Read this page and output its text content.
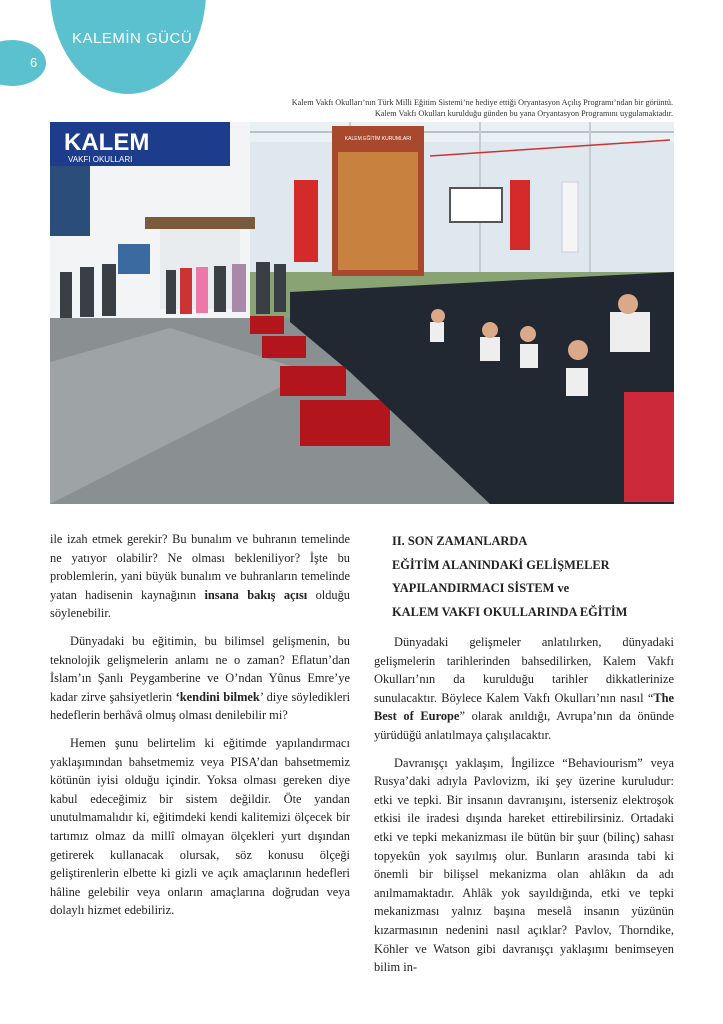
KALEMİN GÜCÜ
6
Kalem Vakfı Okulları’nın Türk Milli Eğitim Sistemi’ne hediye ettiği Oryantasyon Açılış Programı’ndan bir görüntü.
Kalem Vakfı Okulları kurulduğu günden bu yana Oryantasyon Programını uygulamaktadır.
KALEM
VAKFI OKULLARI
KALEM EĞİTİM KURUMLARI

ile izah etmek gerekir? Bu bunalım ve buhranın temelinde ne yatıyor olabilir? Ne olması bekleniliyor? İşte bu problemlerin, yani büyük bunalım ve buhranların temelinde yatan hadisenin kaynağının insana bakış açısı olduğu söylenebilir.

Dünyadaki bu eğitimin, bu bilimsel gelişmenin, bu teknolojik gelişmelerin anlamı ne o zaman? Eflatun’dan İslam’ın Şanlı Peygamberine ve O’ndan Yûnus Emre’ye kadar zirve şahsiyetlerin ‘kendini bilmek’ diye söyledikleri hedeflerin berhâvâ olmuş olması denilebilir mi?

Hemen şunu belirtelim ki eğitimde yapılandırmacı yaklaşımından bahsetmemiz veya PISA’dan bahsetmemiz kötünün iyisi olduğu içindir. Yoksa olması gereken diye kabul edeceğimiz bir sistem değildir. Öte yandan unutulmamalıdır ki, eğitimdeki kendi kalitemizi ölçecek bir tartımız olmaz da millî olmayan ölçekleri yurt dışından getirerek kullanacak olursak, söz konusu ölçeği geliştirenlerin elbette ki gizli ve açık amaçlarının hedefleri hâline gelebilir veya onların amaçlarına doğrudan veya dolaylı hizmet edebiliriz.

II. SON ZAMANLARDA
EĞİTİM ALANINDAKİ GELİŞMELER
YAPILANDIRMACI SİSTEM ve
KALEM VAKFI OKULLARINDA EĞİTİM

Dünyadaki gelişmeler anlatılırken, dünyadaki gelişmelerin tarihlerinden bahsedilirken, Kalem Vakfı Okulları’nın da kurulduğu tarihler dikkatlerinize sunulacaktır. Böylece Kalem Vakfı Okulları’nın nasıl “The Best of Europe” olarak anıldığı, Avrupa’nın da önünde yürüdüğü anlatılmaya çalışılacaktır.

Davranışçı yaklaşım, İngilizce “Behaviourism” veya Rusya’daki adıyla Pavlovizm, iki şey üzerine kuruludur: etki ve tepki. Bir insanın davranışını, isterseniz elektroşok etkisi ile iradesi dışında hareket ettirebilirsiniz. Ortadaki etki ve tepki mekanizması ile bütün bir şuur (bilinç) sahası topyekûn yok sayılmış olur. Bunların arasında tabi ki önemli bir bilişsel mekanizma olan ahlâkın da adı anılmamaktadır. Ahlâk yok sayıldığında, etki ve tepki mekanizması yalnız başına meselâ insanın yüzünün kızarmasının nedenini nasıl açıklar? Pavlov, Thorndike, Köhler ve Watson gibi davranışçı yaklaşımı benimseyen bilim in-
